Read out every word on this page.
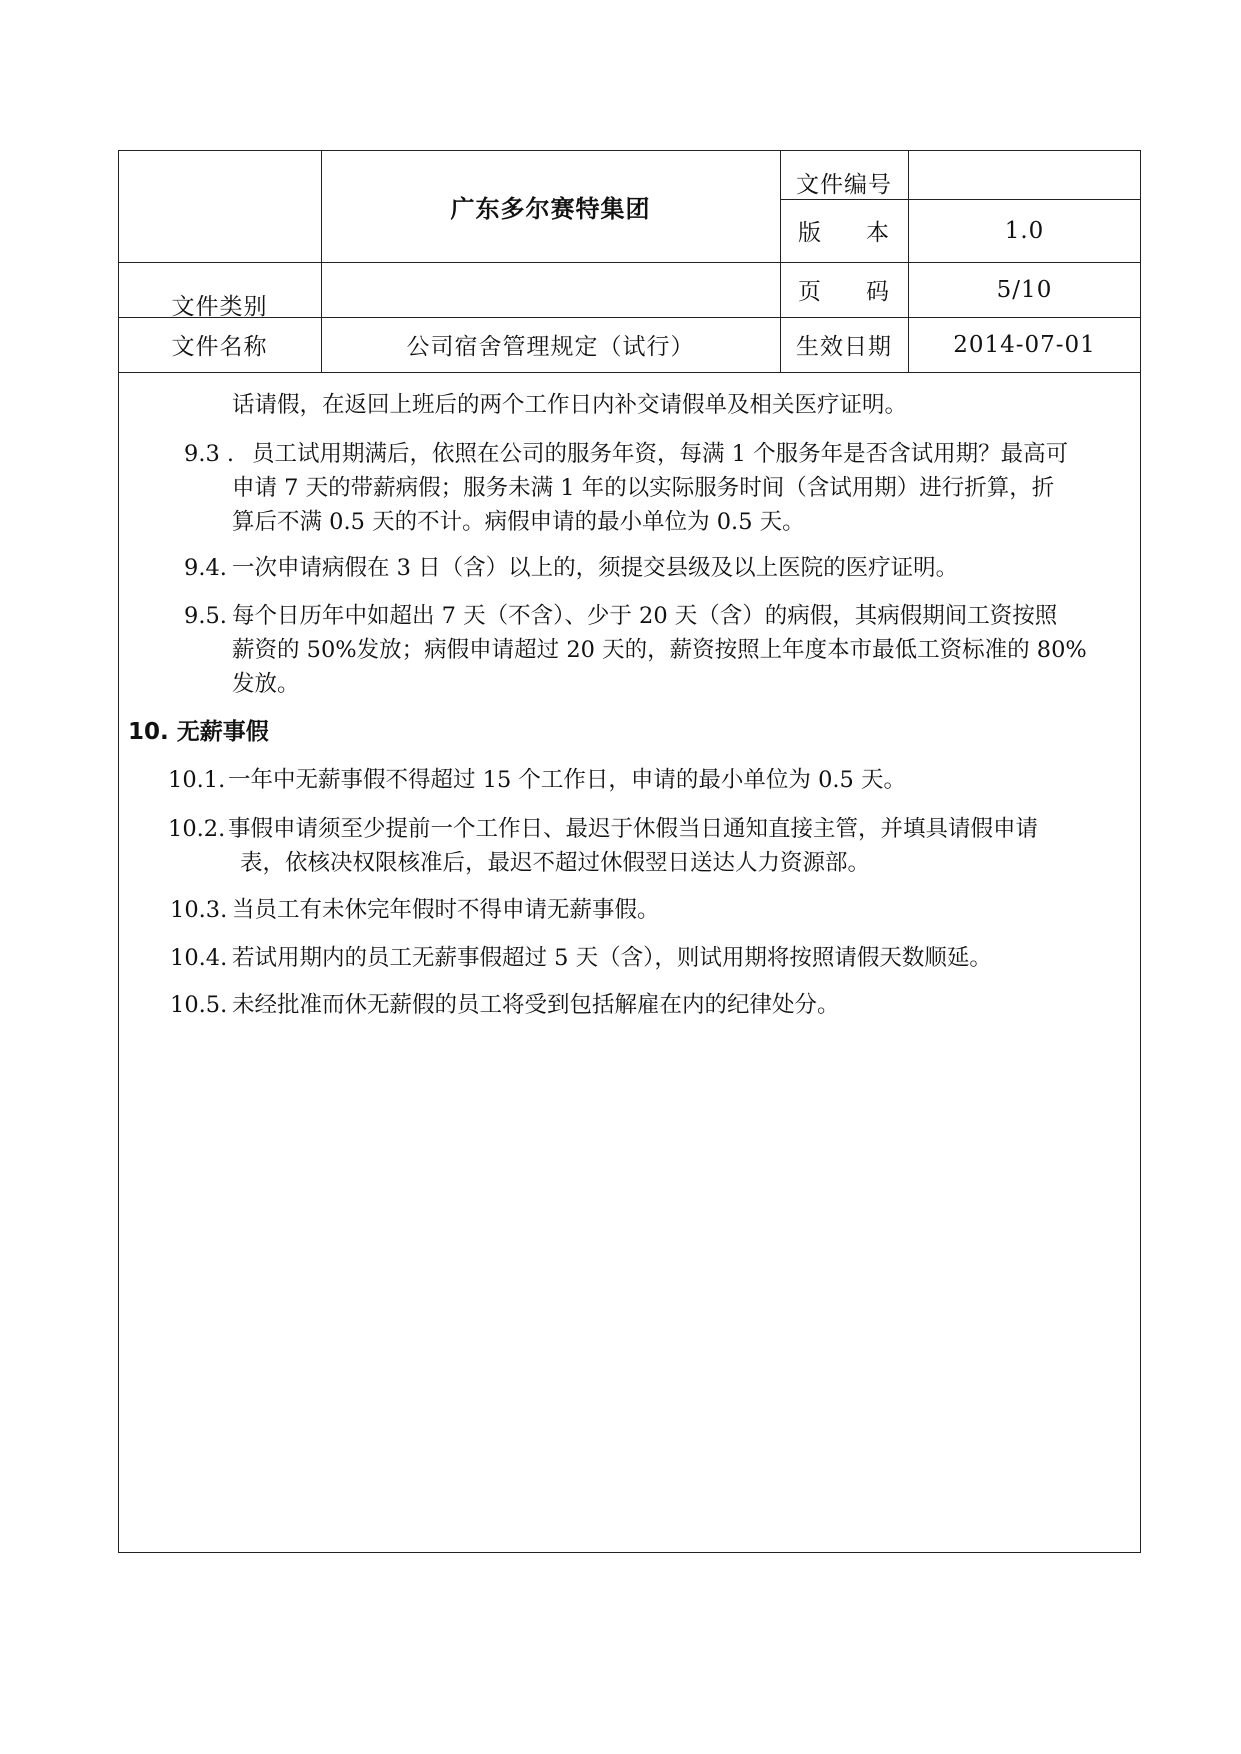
广东多尔赛特集团
文件编号
版 本	1.0
文件类别
页 码	5/10
文件名称	公司宿舍管理规定（试行）	生效日期	2014-07-01
话请假，在返回上班后的两个工作日内补交请假单及相关医疗证明。
9.3 . 员工试用期满后，依照在公司的服务年资，每满 1 个服务年是否含试用期？最高可
申请 7 天的带薪病假；服务未满 1 年的以实际服务时间（含试用期）进行折算，折
算后不满 0.5 天的不计。病假申请的最小单位为 0.5 天。
9.4. 一次申请病假在 3 日（含）以上的，须提交县级及以上医院的医疗证明。
9.5. 每个日历年中如超出 7 天（不含）、少于 20 天（含）的病假，其病假期间工资按照
薪资的 50%发放；病假申请超过 20 天的，薪资按照上年度本市最低工资标准的 80%
发放。
10. 无薪事假
10.1. 一年中无薪事假不得超过 15 个工作日，申请的最小单位为 0.5 天。
10.2. 事假申请须至少提前一个工作日、最迟于休假当日通知直接主管，并填具请假申请
表，依核决权限核准后，最迟不超过休假翌日送达人力资源部。
10.3. 当员工有未休完年假时不得申请无薪事假。
10.4. 若试用期内的员工无薪事假超过 5 天（含），则试用期将按照请假天数顺延。
10.5. 未经批准而休无薪假的员工将受到包括解雇在内的纪律处分。
